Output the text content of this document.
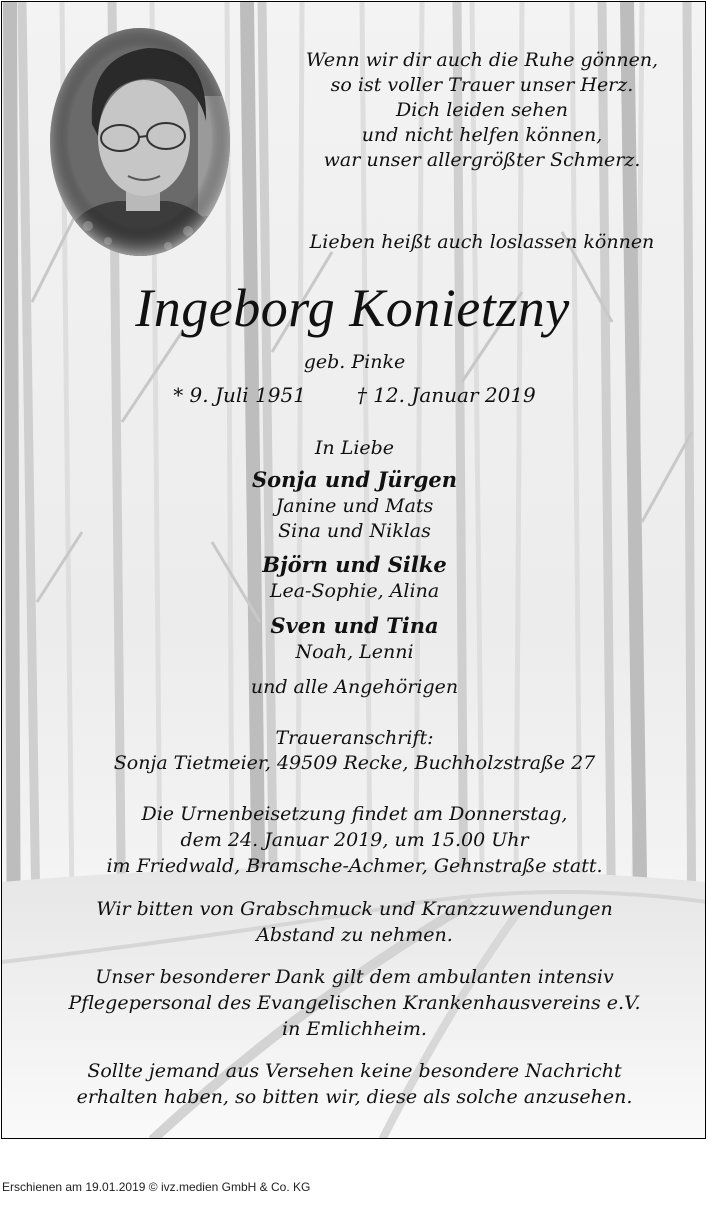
Wenn wir dir auch die Ruhe gönnen,
so ist voller Trauer unser Herz.
Dich leiden sehen
und nicht helfen können,
war unser allergrößter Schmerz.
Lieben heißt auch loslassen können
Ingeborg Konietzny
geb. Pinke
* 9. Juli 1951	† 12. Januar 2019
In Liebe
Sonja und Jürgen
Janine und Mats
Sina und Niklas
Björn und Silke
Lea-Sophie, Alina
Sven und Tina
Noah, Lenni
und alle Angehörigen
Traueranschrift:
Sonja Tietmeier, 49509 Recke, Buchholzstraße 27
Die Urnenbeisetzung findet am Donnerstag,
dem 24. Januar 2019, um 15.00 Uhr
im Friedwald, Bramsche-Achmer, Gehnstraße statt.
Wir bitten von Grabschmuck und Kranzzuwendungen
Abstand zu nehmen.
Unser besonderer Dank gilt dem ambulanten intensiv
Pflegepersonal des Evangelischen Krankenhausvereins e.V.
in Emlichheim.
Sollte jemand aus Versehen keine besondere Nachricht
erhalten haben, so bitten wir, diese als solche anzusehen.
Erschienen am 19.01.2019 © ivz.medien GmbH & Co. KG
